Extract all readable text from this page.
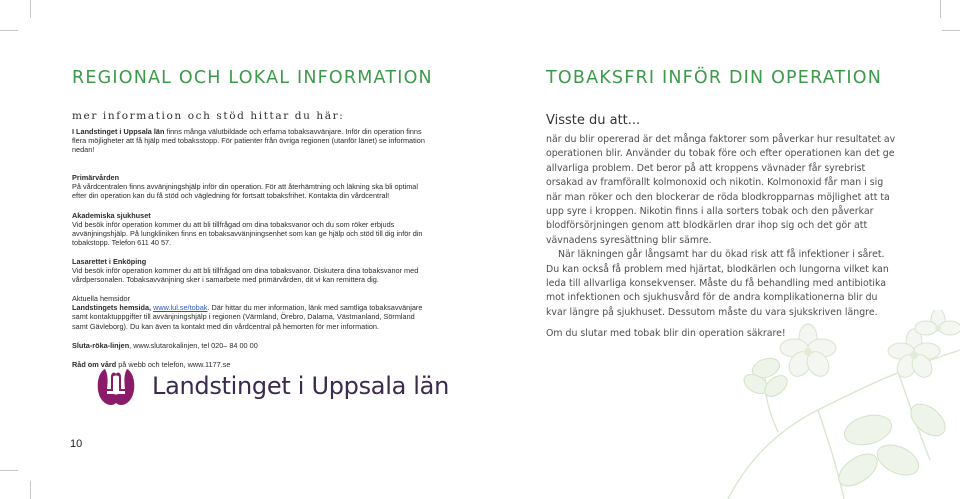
REGIONAL OCH LOKAL INFORMATION
mer information och stöd hittar du här:

I Landstinget i Uppsala län finns många välutbildade och erfarna tobaksavvänjare. Inför din operation finns flera möjligheter att få hjälp med tobaksstopp. För patienter från övriga regionen (utanför länet) se information nedan!

Primärvården
På vårdcentralen finns avvänjningshjälp inför din operation. För att återhämtning och läkning ska bli optimal efter din operation kan du få stöd och vägledning för fortsatt tobaksfrihet. Kontakta din vårdcentral!

Akademiska sjukhuset
Vid besök inför operation kommer du att bli tillfrågad om dina tobaksvanor och du som röker erbjuds avvänjningshjälp. På lungkliniken finns en tobaksavvänjningsenhet som kan ge hjälp och stöd till dig inför din tobakstopp. Telefon 611 40 57.

Lasarettet i Enköping
Vid besök inför operation kommer du att bli tillfrågad om dina tobaksvanor. Diskutera dina tobaksvanor med vårdpersonalen. Tobaksavvänjning sker i samarbete med primärvården, dit vi kan remittera dig.

Aktuella hemsidor
Landstingets hemsida, www.lul.se/tobak. Där hittar du mer information, länk med samtliga tobaksavvänjare samt kontaktuppgifter till avvänjningshjälp i regionen (Värmland, Örebro, Dalarna, Västmanland, Sörmland samt Gävleborg). Du kan även ta kontakt med din vårdcentral på hemorten för mer information.

Sluta-röka-linjen, www.slutarokalinjen, tel 020– 84 00 00

Råd om vård på webb och telefon, www.1177.se

Landstinget i Uppsala län
10
TOBAKSFRI INFÖR DIN OPERATION
Visste du att...

när du blir opererad är det många faktorer som påverkar hur resultatet av operationen blir. Använder du tobak före och efter operationen kan det ge allvarliga problem. Det beror på att kroppens vävnader får syrebrist orsakad av framförallt kolmonoxid och nikotin. Kolmonoxid får man i sig när man röker och den blockerar de röda blodkropparnas möjlighet att ta upp syre i kroppen. Nikotin finns i alla sorters tobak och den påverkar blodförsörjningen genom att blodkärlen drar ihop sig och det gör att vävnadens syresättning blir sämre.

När läkningen går långsamt har du ökad risk att få infektioner i såret. Du kan också få problem med hjärtat, blodkärlen och lungorna vilket kan leda till allvarliga konsekvenser. Måste du få behandling med antibiotika mot infektionen och sjukhusvård för de andra komplikationerna blir du kvar längre på sjukhuset. Dessutom måste du vara sjukskriven längre.

Om du slutar med tobak blir din operation säkrare!
